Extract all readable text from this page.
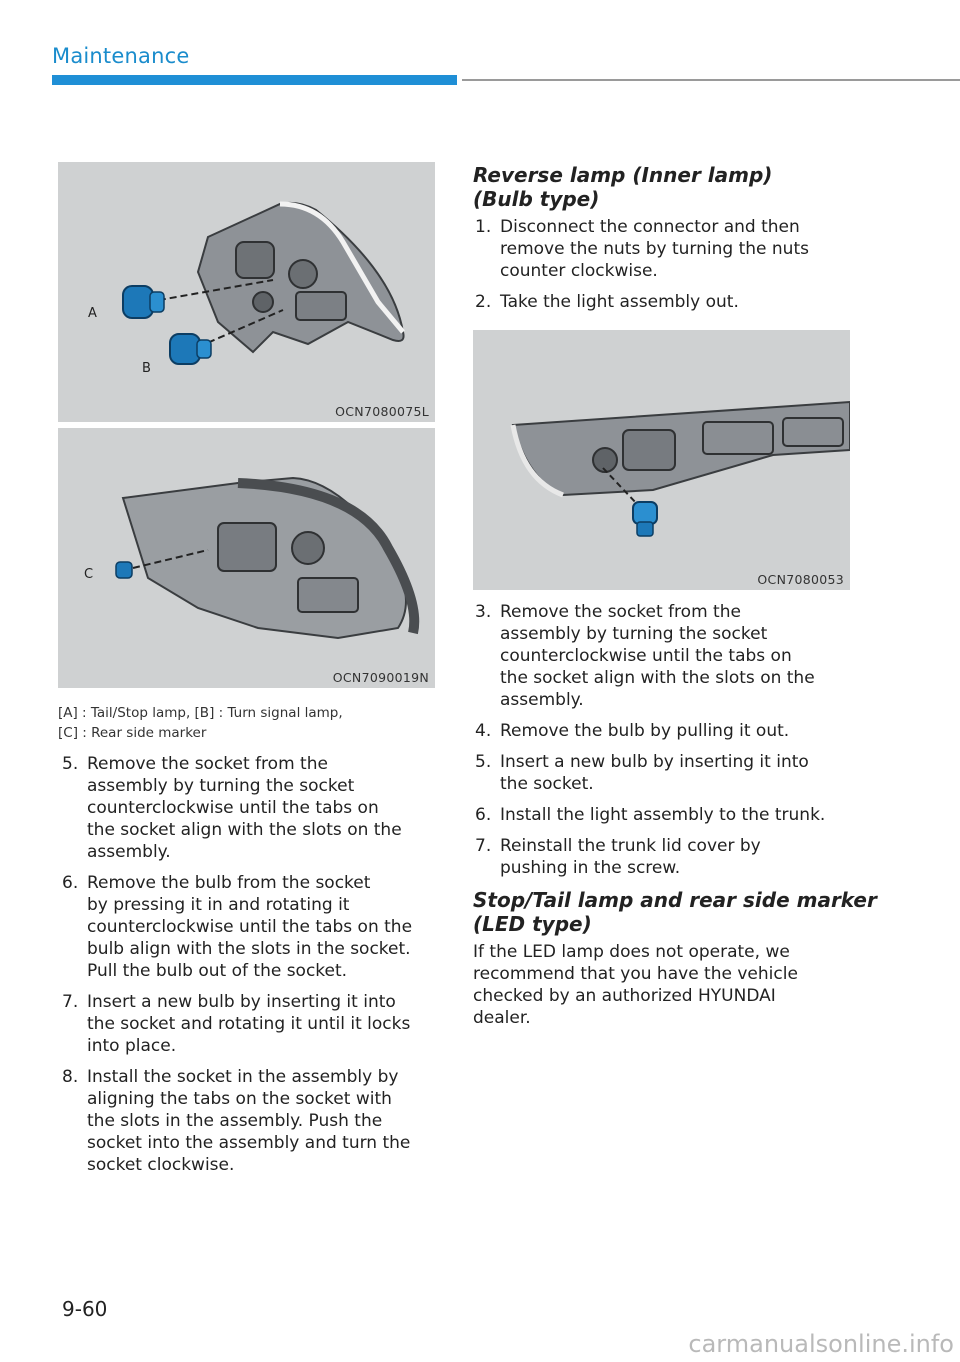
Maintenance
A
B
OCN7080075L
C
OCN7090019N
[A] : Tail/Stop lamp, [B] : Turn signal lamp,
[C] : Rear side marker
5. Remove the socket from the
assembly by turning the socket
counterclockwise until the tabs on
the socket align with the slots on the
assembly.
6. Remove the bulb from the socket
by pressing it in and rotating it
counterclockwise until the tabs on the
bulb align with the slots in the socket.
Pull the bulb out of the socket.
7. Insert a new bulb by inserting it into
the socket and rotating it until it locks
into place.
8. Install the socket in the assembly by
aligning the tabs on the socket with
the slots in the assembly. Push the
socket into the assembly and turn the
socket clockwise.
Reverse lamp (Inner lamp)
(Bulb type)
1. Disconnect the connector and then
remove the nuts by turning the nuts
counter clockwise.
2. Take the light assembly out.
OCN7080053
3. Remove the socket from the
assembly by turning the socket
counterclockwise until the tabs on
the socket align with the slots on the
assembly.
4. Remove the bulb by pulling it out.
5. Insert a new bulb by inserting it into
the socket.
6. Install the light assembly to the trunk.
7. Reinstall the trunk lid cover by
pushing in the screw.
Stop/Tail lamp and rear side marker
(LED type)
If the LED lamp does not operate, we
recommend that you have the vehicle
checked by an authorized HYUNDAI
dealer.
9-60
carmanualsonline.info
